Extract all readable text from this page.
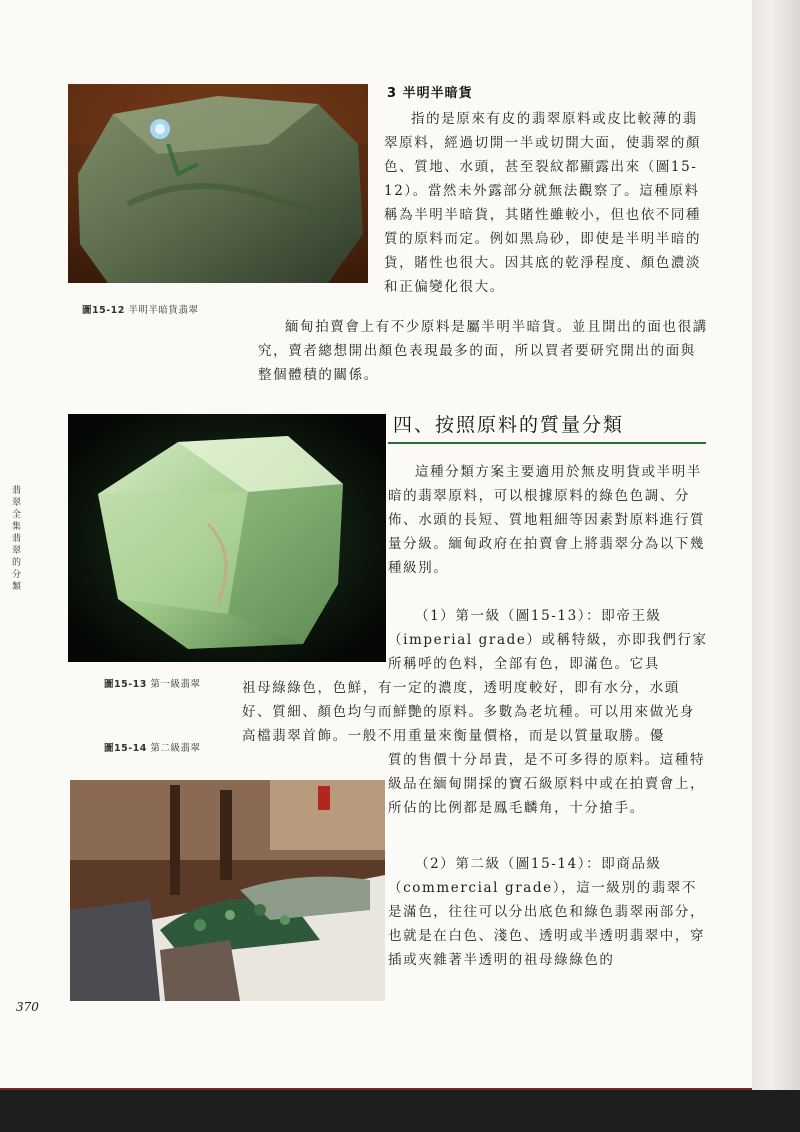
圖15-12 半明半暗貨翡翠
3 半明半暗貨

指的是原來有皮的翡翠原料或皮比較薄的翡翠原料，經過切開一半或切開大面，使翡翠的顏色、質地、水頭，甚至裂紋都顯露出來（圖15-12）。當然未外露部分就無法觀察了。這種原料稱為半明半暗貨，其賭性雖較小，但也依不同種質的原料而定。例如黑烏砂，即使是半明半暗的貨，賭性也很大。因其底的乾淨程度、顏色濃淡和正偏變化很大。

緬甸拍賣會上有不少原料是屬半明半暗貨。並且開出的面也很講究，賣者總想開出顏色表現最多的面，所以買者要研究開出的面與整個體積的關係。

圖15-13 第一級翡翠
圖15-14 第二級翡翠
四、按照原料的質量分類

這種分類方案主要適用於無皮明貨或半明半暗的翡翠原料，可以根據原料的綠色色調、分佈、水頭的長短、質地粗細等因素對原料進行質量分級。緬甸政府在拍賣會上將翡翠分為以下幾種級別。

（1）第一級（圖15-13）：即帝王級（imperial grade）或稱特級，亦即我們行家所稱呼的色料，全部有色，即滿色。它具

祖母綠綠色，色鮮，有一定的濃度，透明度較好，即有水分，水頭好、質細、顏色均勻而鮮艷的原料。多數為老坑種。可以用來做光身高檔翡翠首飾。一般不用重量來衡量價格，而是以質量取勝。優

質的售價十分昂貴，是不可多得的原料。這種特級品在緬甸開採的寶石級原料中或在拍賣會上，所佔的比例都是鳳毛麟角，十分搶手。

（2）第二級（圖15-14）：即商品級（commercial grade），這一級別的翡翠不是滿色，往往可以分出底色和綠色翡翠兩部分，也就是在白色、淺色、透明或半透明翡翠中，穿插或夾雜著半透明的祖母綠綠色的

翡翠全集 翡翠的分類
370
